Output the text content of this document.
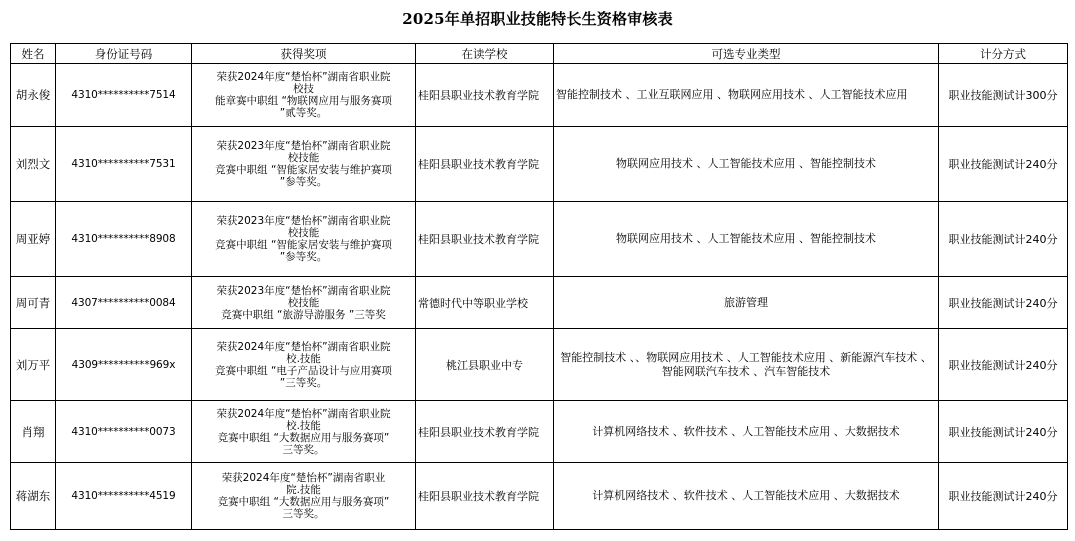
2025年单招职业技能特长生资格审核表
姓名	身份证号码	获得奖项	在读学校	可选专业类型	计分方式
胡永俊	4310**********7514	荣获2024年度“楚怡杯”湖南省职业院
校技
能章赛中职组 “物联网应用与服务赛项
”贰等奖。	桂阳县职业技术教育学院	智能控制技术 、工业互联网应用 、物联网应用技术 、人工智能技术应用	职业技能测试计300分
刘烈文	4310**********7531	荣获2023年度“楚怡杯”湖南省职业院
校技能
竞赛中职组 “智能家居安装与维护赛项
”参等奖。	桂阳县职业技术教育学院	物联网应用技术 、人工智能技术应用 、智能控制技术	职业技能测试计240分
周亚婷	4310**********8908	荣获2023年度“楚怡杯”湖南省职业院
校技能
竞赛中职组 “智能家居安装与维护赛项
”参等奖。	桂阳县职业技术教育学院	物联网应用技术 、人工智能技术应用 、智能控制技术	职业技能测试计240分
周可青	4307**********0084	荣获2023年度“楚怡杯”湖南省职业院
校技能
竞赛中职组 “旅游导游服务 ”三等奖	常德时代中等职业学校	旅游管理	职业技能测试计240分
刘万平	4309**********969x	荣获2024年度“楚怡杯”湖南省职业院
校.技能
竞赛中职组 “电子产品设计与应用赛项
”三等奖。	桃江县职业中专	智能控制技术 、、物联网应用技术 、人工智能技术应用 、新能源汽车技术 、智能网联汽车技术 、汽车智能技术	职业技能测试计240分
肖翔	4310**********0073	荣获2024年度“楚怡杯”湖南省职业院
校.技能
竞赛中职组 “大数据应用与服务赛项”
三等奖。	桂阳县职业技术教育学院	计算机网络技术 、软件技术 、人工智能技术应用 、大数据技术	职业技能测试计240分
蒋湖东	4310**********4519	荣获2024年度“楚怡杯”湖南省职业
院.技能
竞赛中职组 “大数据应用与服务赛项”
三等奖。	桂阳县职业技术教育学院	计算机网络技术 、软件技术 、人工智能技术应用 、大数据技术	职业技能测试计240分
